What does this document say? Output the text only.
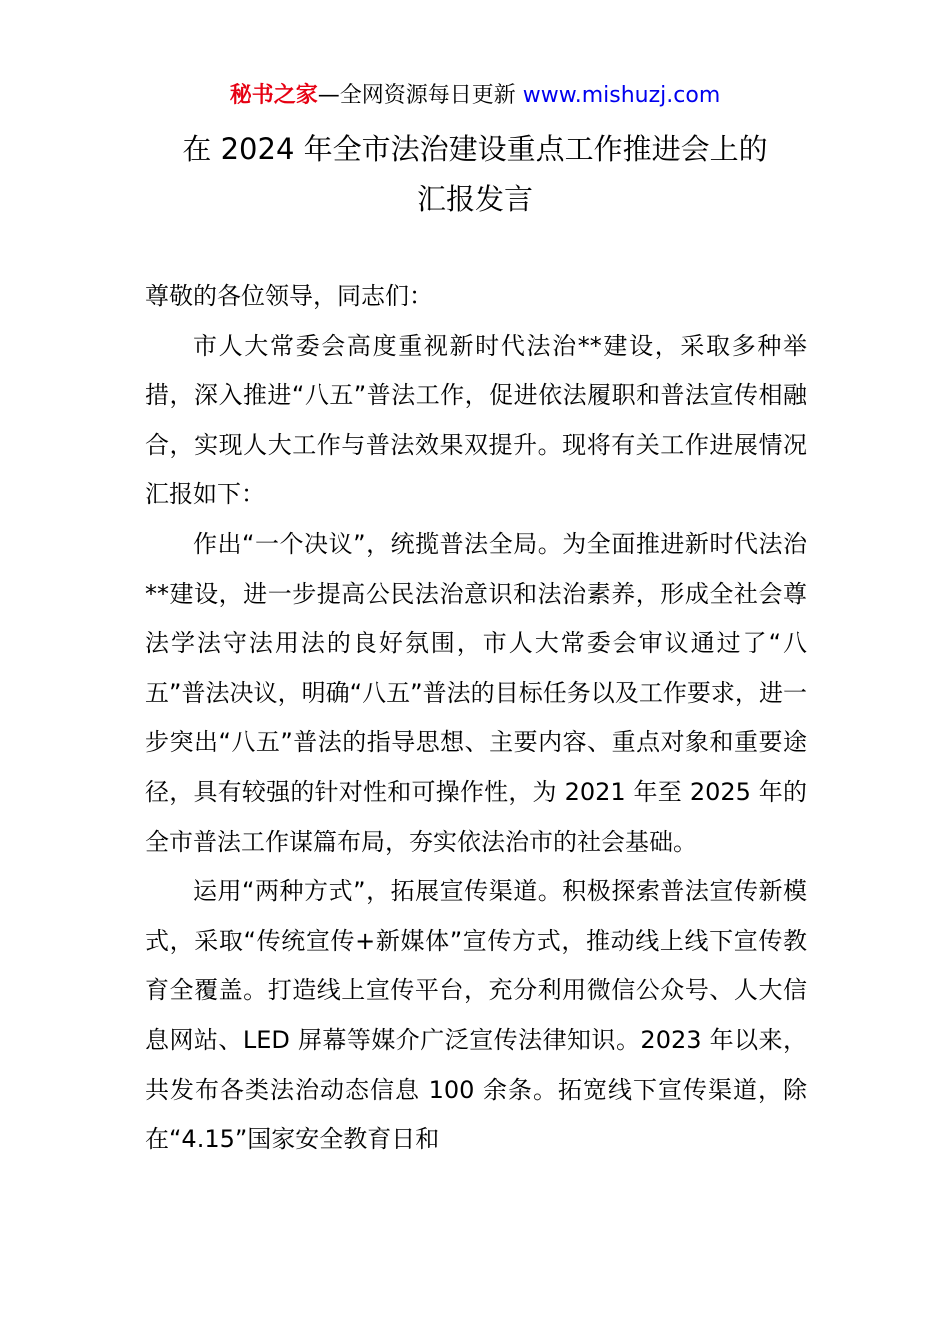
秘书之家—全网资源每日更新 www.mishuzj.com
在 2024 年全市法治建设重点工作推进会上的
汇报发言

尊敬的各位领导，同志们：

市人大常委会高度重视新时代法治**建设，采取多种举措，深入推进“八五”普法工作，促进依法履职和普法宣传相融合，实现人大工作与普法效果双提升。现将有关工作进展情况汇报如下：

作出“一个决议”，统揽普法全局。为全面推进新时代法治**建设，进一步提高公民法治意识和法治素养，形成全社会尊法学法守法用法的良好氛围，市人大常委会审议通过了“八五”普法决议，明确“八五”普法的目标任务以及工作要求，进一步突出“八五”普法的指导思想、主要内容、重点对象和重要途径，具有较强的针对性和可操作性，为 2021 年至 2025 年的全市普法工作谋篇布局，夯实依法治市的社会基础。

运用“两种方式”，拓展宣传渠道。积极探索普法宣传新模式，采取“传统宣传+新媒体”宣传方式，推动线上线下宣传教育全覆盖。打造线上宣传平台，充分利用微信公众号、人大信息网站、LED 屏幕等媒介广泛宣传法律知识。2023 年以来，共发布各类法治动态信息 100 余条。拓宽线下宣传渠道，除在“4.15”国家安全教育日和
